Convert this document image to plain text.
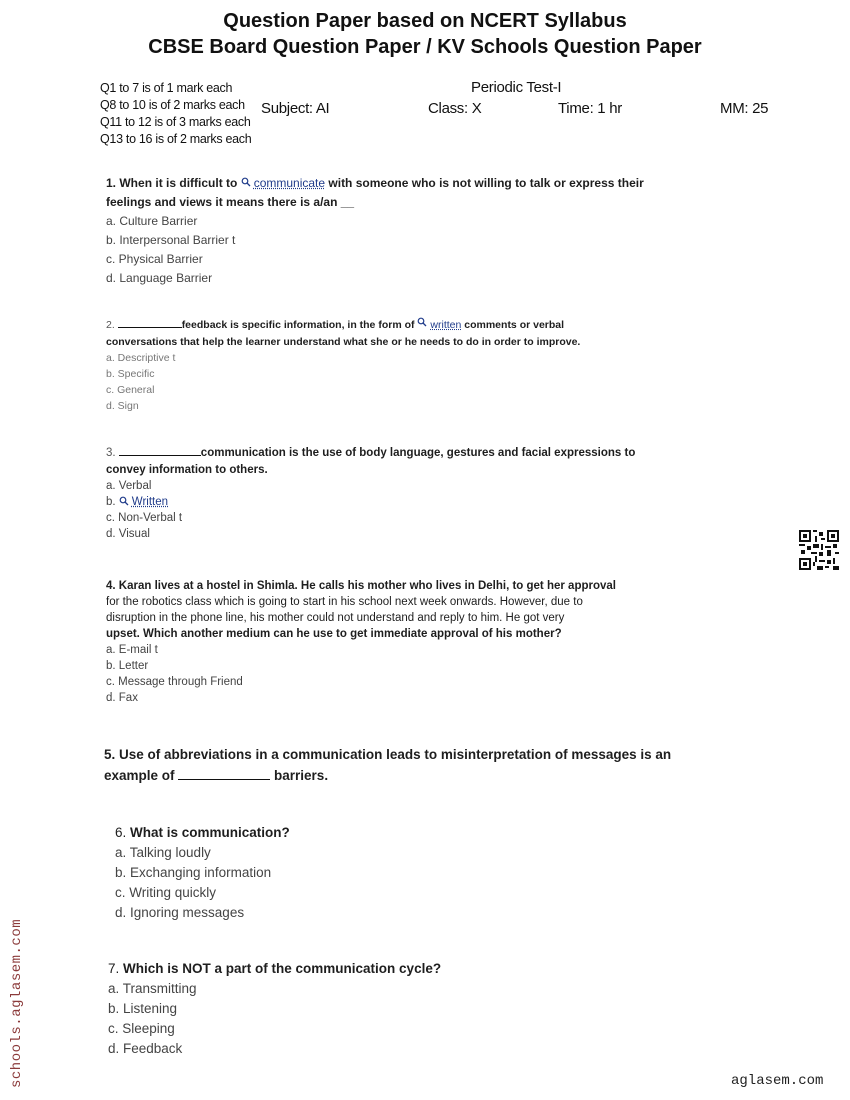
Question Paper based on NCERT Syllabus
CBSE Board Question Paper / KV Schools Question Paper
Q1 to 7 is of 1 mark each
Q8 to 10 is of 2 marks each
Q11 to 12 is of 3 marks each
Q13 to 16 is of 2 marks each
Periodic Test-I
Subject: AI	Class: X	Time: 1 hr	MM: 25
1. When it is difficult to communicate with someone who is not willing to talk or express their
feelings and views it means there is a/an __
a. Culture Barrier
b. Interpersonal Barrier t
c. Physical Barrier
d. Language Barrier
2.	feedback is specific information, in the form of written comments or verbal
conversations that help the learner understand what she or he needs to do in order to improve.
a. Descriptive t
b. Specific
c. General
d. Sign
3.	communication is the use of body language, gestures and facial expressions to
convey information to others.
a. Verbal
b. Written
c. Non-Verbal t
d. Visual
4. Karan lives at a hostel in Shimla. He calls his mother who lives in Delhi, to get her approval
for the robotics class which is going to start in his school next week onwards. However, due to
disruption in the phone line, his mother could not understand and reply to him. He got very
upset. Which another medium can he use to get immediate approval of his mother?
a. E-mail t
b. Letter
c. Message through Friend
d. Fax
5. Use of abbreviations in a communication leads to misinterpretation of messages is an
example of	barriers.
6. What is communication?
a. Talking loudly
b. Exchanging information
c. Writing quickly
d. Ignoring messages
7. Which is NOT a part of the communication cycle?
a. Transmitting
b. Listening
c. Sleeping
d. Feedback
schools.aglasem.com	aglasem.com
